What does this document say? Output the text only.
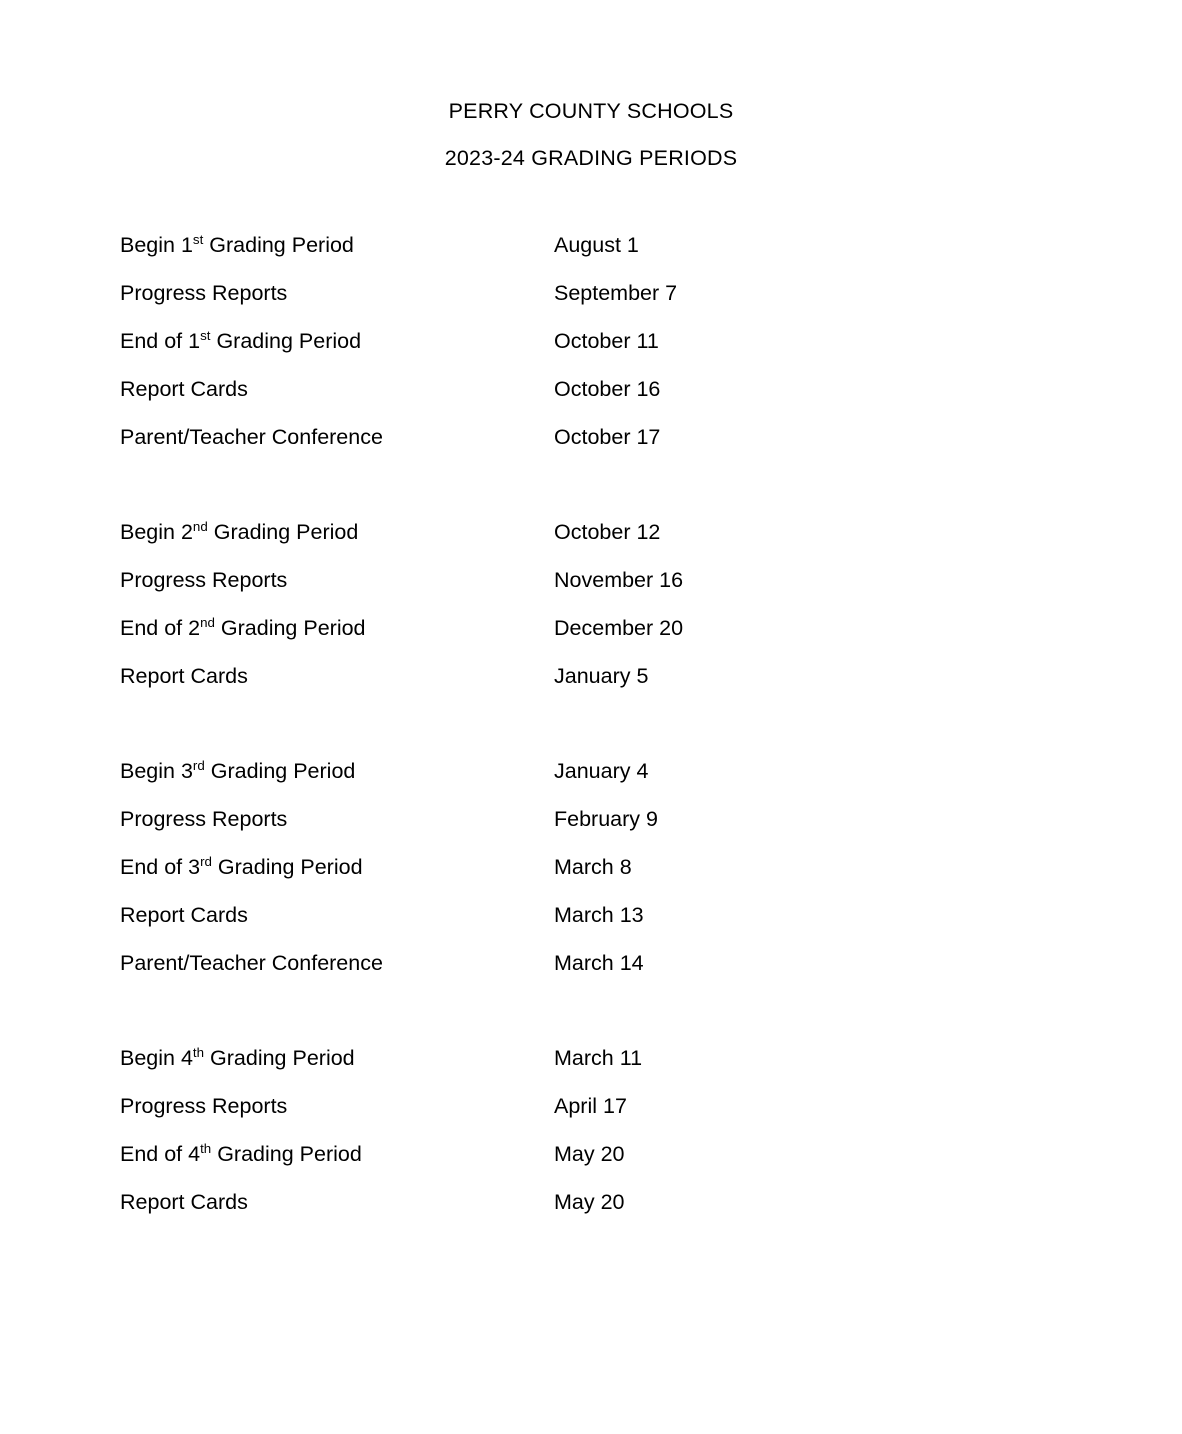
PERRY COUNTY SCHOOLS
2023-24 GRADING PERIODS
Begin 1st Grading Period	August 1
Progress Reports	September 7
End of 1st Grading Period	October 11
Report Cards	October 16
Parent/Teacher Conference	October 17
Begin 2nd Grading Period	October 12
Progress Reports	November 16
End of 2nd Grading Period	December 20
Report Cards	January 5
Begin 3rd Grading Period	January 4
Progress Reports	February 9
End of 3rd Grading Period	March 8
Report Cards	March 13
Parent/Teacher Conference	March 14
Begin 4th Grading Period	March 11
Progress Reports	April 17
End of 4th Grading Period	May 20
Report Cards	May 20
